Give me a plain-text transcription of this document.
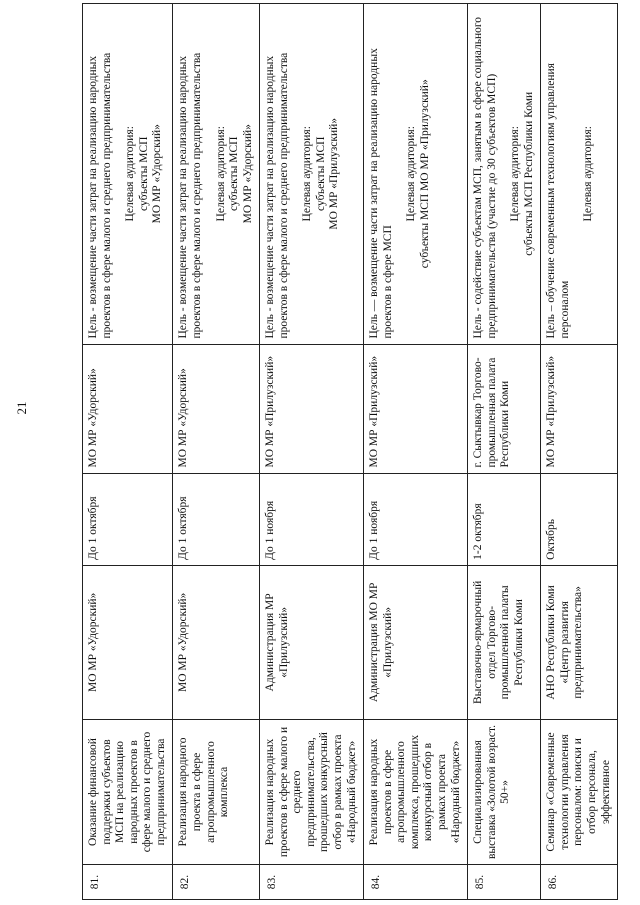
21
81.	Оказание финансовой поддержки субъектов МСП на реализацию народных проектов в сфере малого и среднего предпринимательства	МО МР «Удорский»	До 1 октября	МО МР «Удорский»	Цель - возмещение части затрат на реализацию народных проектов в сфере малого и среднего предпринимательства Целевая аудитория: субъекты МСП МО МР «Удорский»

82.	Реализация народного проекта в сфере агропромышленного комплекса	МО МР «Удорский»	До 1 октября	МО МР «Удорский»	Цель - возмещение части затрат на реализацию народных проектов в сфере малого и среднего предпринимательства Целевая аудитория: субъекты МСП МО МР «Удорский»

83.	Реализация народных проектов в сфере малого и среднего предпринимательства, прошедших конкурсный отбор в рамках проекта «Народный бюджет»	Администрация МР «Прилузский»	До 1 ноября	МО МР «Прилузский»	Цель - возмещение части затрат на реализацию народных проектов в сфере малого и среднего предпринимательства Целевая аудитория: субъекты МСП МО МР «Прилузский»

84.	Реализация народных проектов в сфере агропромышленного комплекса, прошедших конкурсный отбор в рамках проекта «Народный бюджет»	Администрация МО МР «Прилузский»	До 1 ноября	МО МР «Прилузский»	Цель — возмещение части затрат на реализацию народных проектов в сфере МСП
Целевая аудитория: субъекты МСП МО МР «Прилузский»

85.	Специализированная выставка «Золотой возраст. 50+»	Выставочно-ярмарочный отдел Торгово-промышленной палаты Республики Коми	1-2 октября	г. Сыктывкар Торгово-промышленная палата Республики Коми	Цель - содействие субъектам МСП, занятым в сфере социального предпринимательства (участие до 30 субъектов МСП) Целевая аудитория: субъекты МСП Республики Коми

86.	Семинар «Современные технологии управления персоналом: поиски и отбор персонала, эффективное	АНО Республики Коми «Центр развития предпринимательства»	Октябрь	МО МР «Прилузский»	Цель – обучение современным технологиям управления персоналом
Целевая аудитория:
